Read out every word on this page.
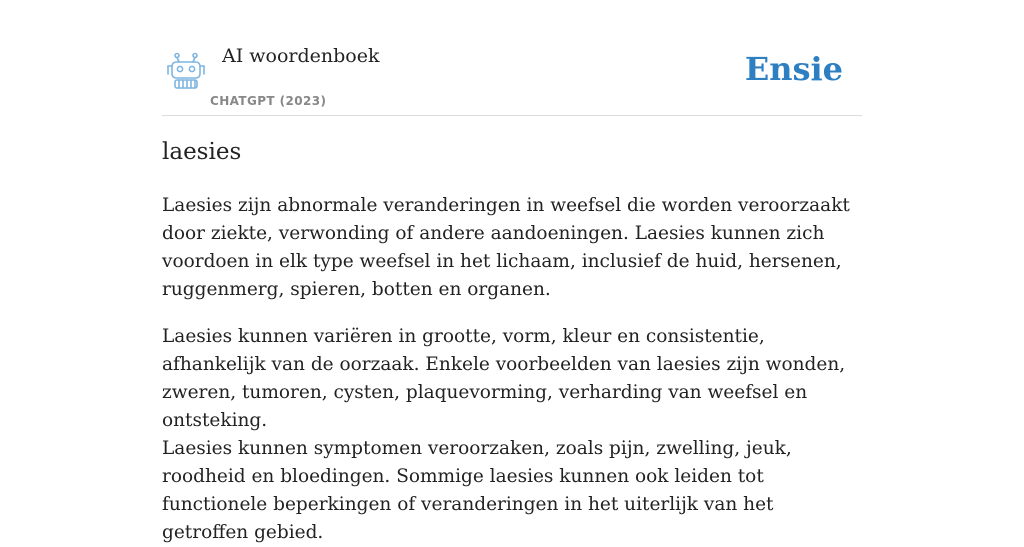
AI woordenboek
CHATGPT (2023)
Ensie
laesies

Laesies zijn abnormale veranderingen in weefsel die worden veroorzaakt door ziekte, verwonding of andere aandoeningen. Laesies kunnen zich voordoen in elk type weefsel in het lichaam, inclusief de huid, hersenen, ruggenmerg, spieren, botten en organen.

Laesies kunnen variëren in grootte, vorm, kleur en consistentie, afhankelijk van de oorzaak. Enkele voorbeelden van laesies zijn wonden, zweren, tumoren, cysten, plaquevorming, verharding van weefsel en ontsteking.

Laesies kunnen symptomen veroorzaken, zoals pijn, zwelling, jeuk, roodheid en bloedingen. Sommige laesies kunnen ook leiden tot functionele beperkingen of veranderingen in het uiterlijk van het getroffen gebied.
